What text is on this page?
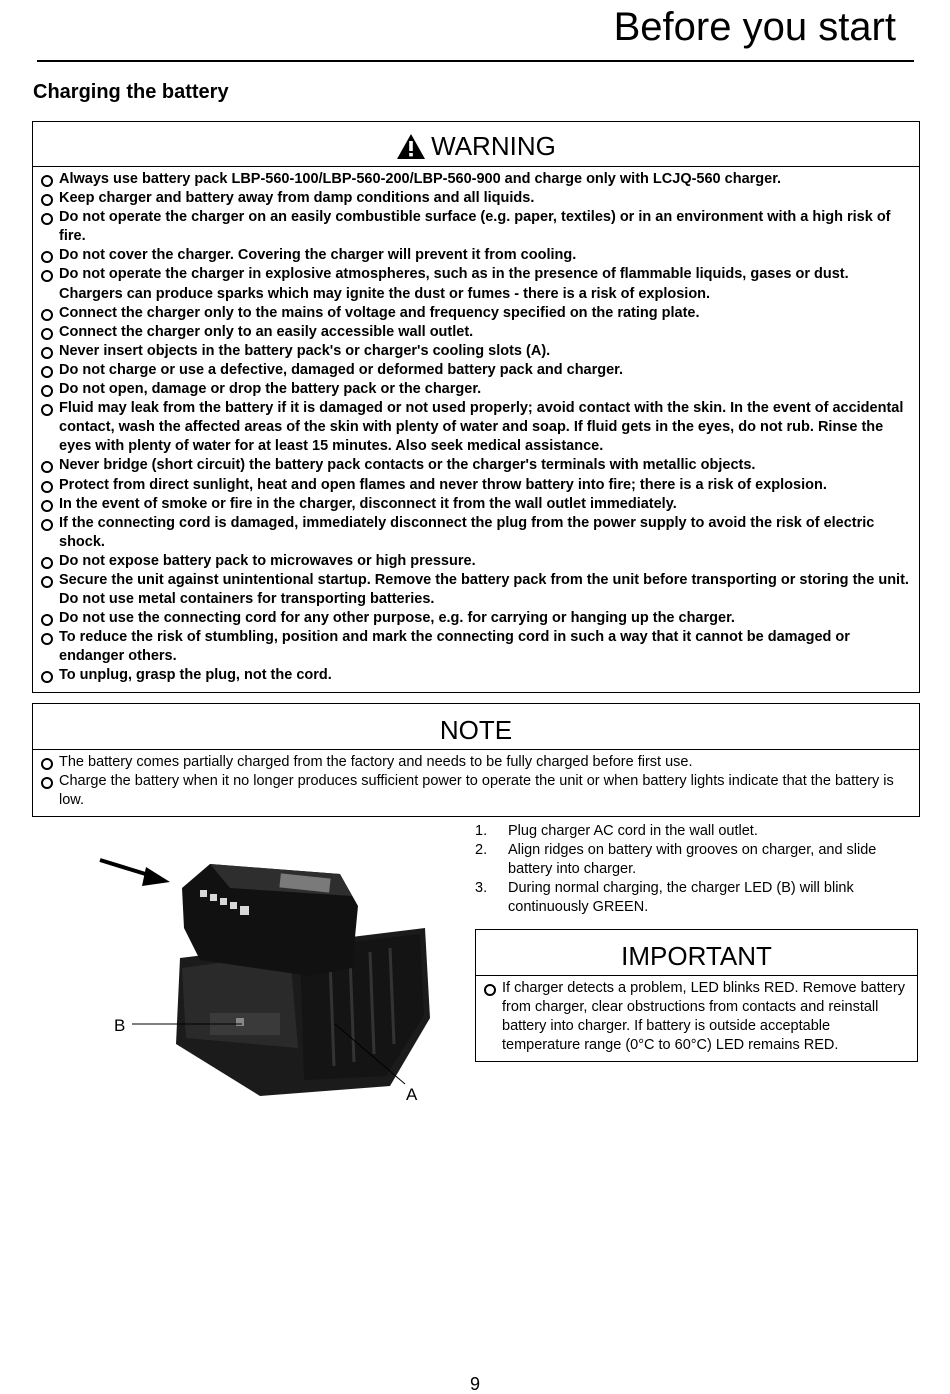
Before you start
Charging the battery
WARNING
Always use battery pack LBP-560-100/LBP-560-200/LBP-560-900 and charge only with LCJQ-560 charger.
Keep charger and battery away from damp conditions and all liquids.
Do not operate the charger on an easily combustible surface (e.g. paper, textiles) or in an environment with a high risk of fire.
Do not cover the charger. Covering the charger will prevent it from cooling.
Do not operate the charger in explosive atmospheres, such as in the presence of flammable liquids, gases or dust. Chargers can produce sparks which may ignite the dust or fumes - there is a risk of explosion.
Connect the charger only to the mains of voltage and frequency specified on the rating plate.
Connect the charger only to an easily accessible wall outlet.
Never insert objects in the battery pack's or charger's cooling slots (A).
Do not charge or use a defective, damaged or deformed battery pack and charger.
Do not open, damage or drop the battery pack or the charger.
Fluid may leak from the battery if it is damaged or not used properly; avoid contact with the skin. In the event of accidental contact, wash the affected areas of the skin with plenty of water and soap. If fluid gets in the eyes, do not rub. Rinse the eyes with plenty of water for at least 15 minutes. Also seek medical assistance.
Never bridge (short circuit) the battery pack contacts or the charger's terminals with metallic objects.
Protect from direct sunlight, heat and open flames and never throw battery into fire; there is a risk of explosion.
In the event of smoke or fire in the charger, disconnect it from the wall outlet immediately.
If the connecting cord is damaged, immediately disconnect the plug from the power supply to avoid the risk of electric shock.
Do not expose battery pack to microwaves or high pressure.
Secure the unit against unintentional startup. Remove the battery pack from the unit before transporting or storing the unit. Do not use metal containers for transporting batteries.
Do not use the connecting cord for any other purpose, e.g. for carrying or hanging up the charger.
To reduce the risk of stumbling, position and mark the connecting cord in such a way that it cannot be damaged or endanger others.
To unplug, grasp the plug, not the cord.
NOTE
The battery comes partially charged from the factory and needs to be fully charged before first use.
Charge the battery when it no longer produces sufficient power to operate the unit or when battery lights indicate that the battery is low.
1. Plug charger AC cord in the wall outlet.
2. Align ridges on battery with grooves on charger, and slide battery into charger.
3. During normal charging, the charger LED (B) will blink continuously GREEN.
IMPORTANT
If charger detects a problem, LED blinks RED. Remove battery from charger, clear obstructions from contacts and reinstall battery into charger. If battery is outside acceptable temperature range (0°C to 60°C) LED remains RED.
B
A
9
